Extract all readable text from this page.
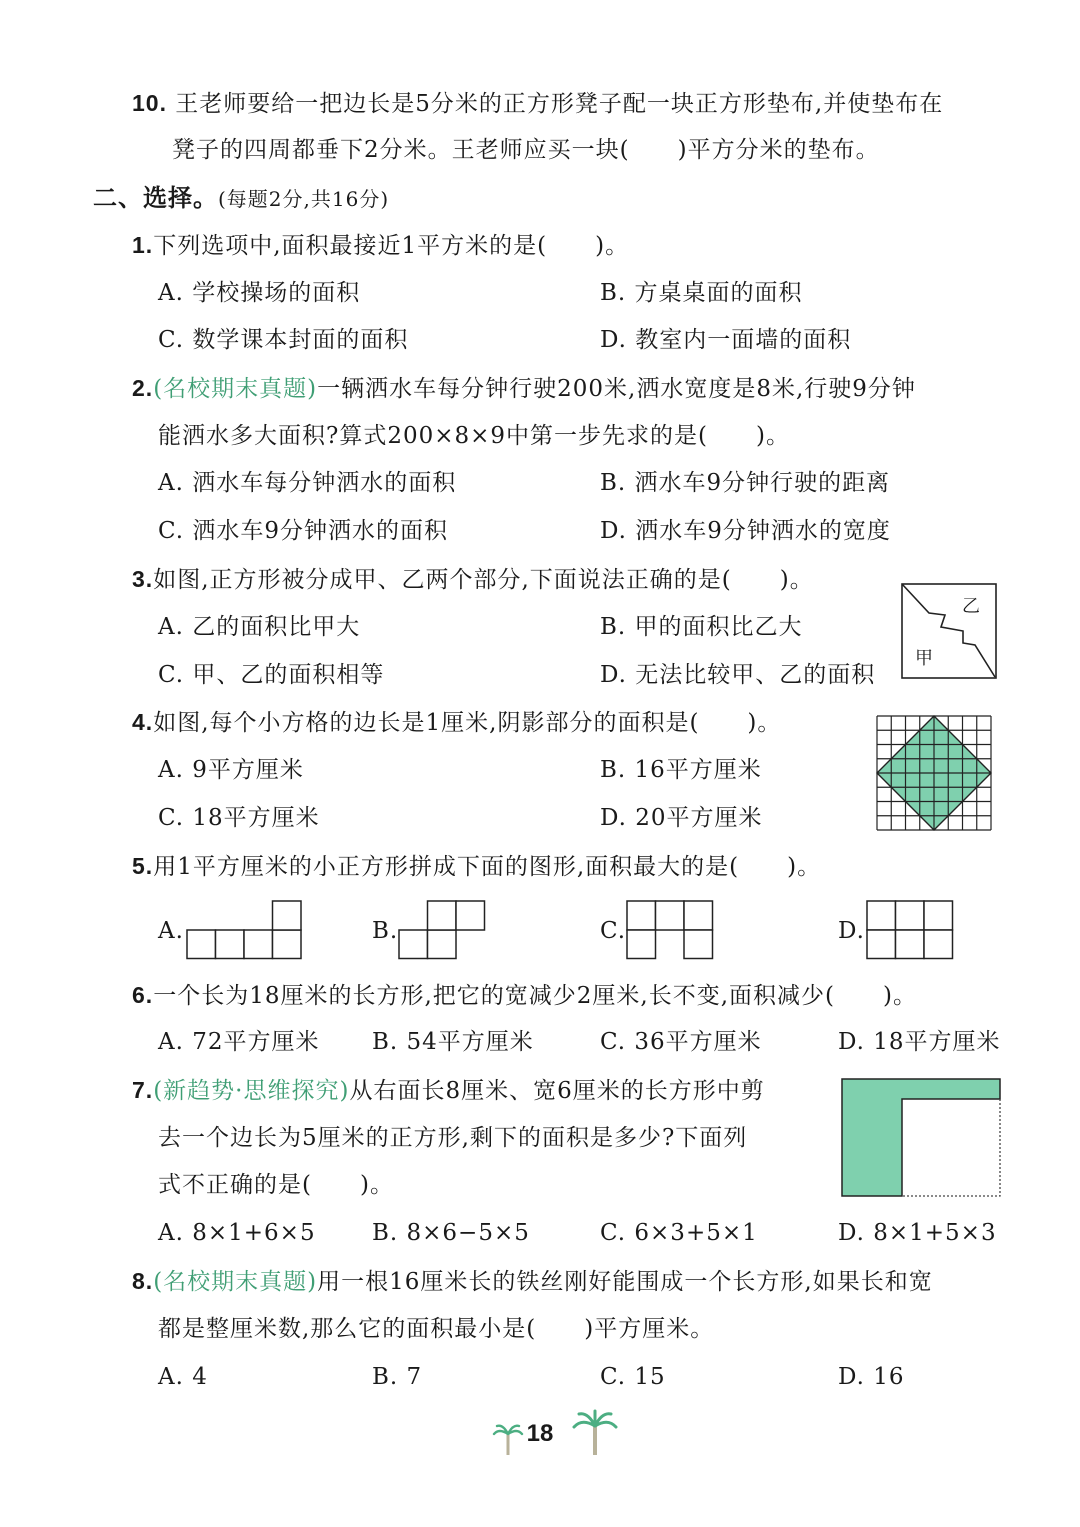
10. 王老师要给一把边长是5分米的正方形凳子配一块正方形垫布,并使垫布在
凳子的四周都垂下2分米。王老师应买一块(　　)平方分米的垫布。
二、选择。(每题2分,共16分)
1.下列选项中,面积最接近1平方米的是(　　)。
A. 学校操场的面积	B. 方桌桌面的面积
C. 数学课本封面的面积	D. 教室内一面墙的面积
2.(名校期末真题)一辆洒水车每分钟行驶200米,洒水宽度是8米,行驶9分钟
能洒水多大面积?算式200×8×9中第一步先求的是(　　)。
A. 洒水车每分钟洒水的面积	B. 洒水车9分钟行驶的距离
C. 洒水车9分钟洒水的面积	D. 洒水车9分钟洒水的宽度
3.如图,正方形被分成甲、乙两个部分,下面说法正确的是(　　)。
A. 乙的面积比甲大	B. 甲的面积比乙大
C. 甲、乙的面积相等	D. 无法比较甲、乙的面积
乙
甲
4.如图,每个小方格的边长是1厘米,阴影部分的面积是(　　)。
A. 9平方厘米	B. 16平方厘米
C. 18平方厘米	D. 20平方厘米
5.用1平方厘米的小正方形拼成下面的图形,面积最大的是(　　)。
A.	B.	C.	D.
6.一个长为18厘米的长方形,把它的宽减少2厘米,长不变,面积减少(　　)。
A. 72平方厘米 B. 54平方厘米	C. 36平方厘米	D. 18平方厘米
7.(新趋势·思维探究)从右面长8厘米、宽6厘米的长方形中剪
去一个边长为5厘米的正方形,剩下的面积是多少?下面列
式不正确的是(　　)。
A. 8×1+6×5 B. 8×6−5×5	C. 6×3+5×1	D. 8×1+5×3
8.(名校期末真题)用一根16厘米长的铁丝刚好能围成一个长方形,如果长和宽
都是整厘米数,那么它的面积最小是(　　)平方厘米。
A. 4	B. 7	C. 15	D. 16
18
